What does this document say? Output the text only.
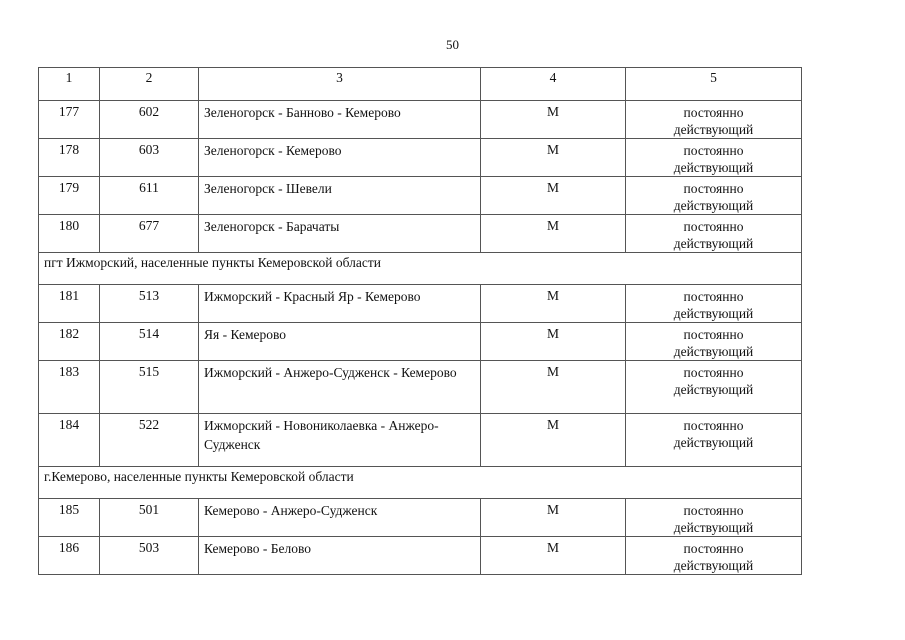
50
1	2	3	4	5
177	602	Зеленогорск - Банново - Кемерово	М	постоянно
действующий

178	603	Зеленогорск - Кемерово	М	постоянно
действующий

179	611	Зеленогорск - Шевели	М	постоянно
действующий

180	677	Зеленогорск - Барачаты	М	постоянно
действующий

пгт Ижморский, населенные пункты Кемеровской области				
181	513	Ижморский - Красный Яр - Кемерово	М	постоянно
действующий

182	514	Яя - Кемерово	М	постоянно
действующий

183	515	Ижморский - Анжеро-Судженск - Кемерово	М	постоянно
действующий

184	522	Ижморский - Новониколаевка - Анжеро-Судженск	М	постоянно
действующий

г.Кемерово, населенные пункты Кемеровской области				
185	501	Кемерово - Анжеро-Судженск	М	постоянно
действующий

186	503	Кемерово - Белово	М	постоянно
действующий
